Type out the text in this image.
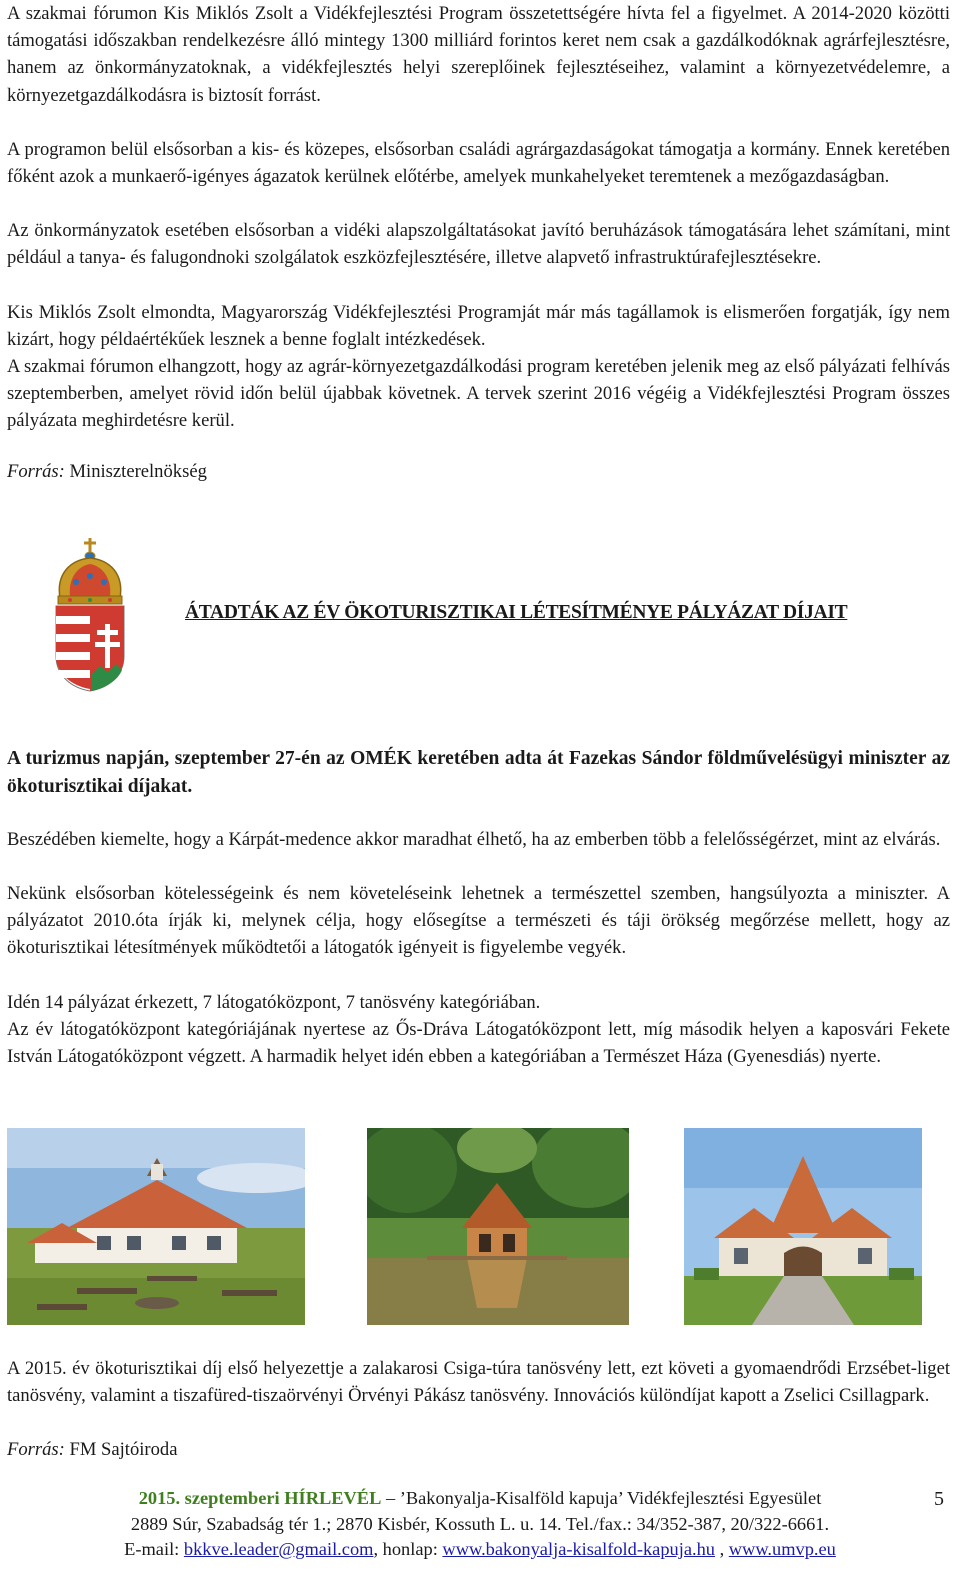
A szakmai fórumon Kis Miklós Zsolt a Vidékfejlesztési Program összetettségére hívta fel a figyelmet. A 2014-2020 közötti támogatási időszakban rendelkezésre álló mintegy 1300 milliárd forintos keret nem csak a gazdálkodóknak agrárfejlesztésre, hanem az önkormányzatoknak, a vidékfejlesztés helyi szereplőinek fejlesztéseihez, valamint a környezetvédelemre, a környezetgazdálkodásra is biztosít forrást.

A programon belül elsősorban a kis- és közepes, elsősorban családi agrárgazdaságokat támogatja a kormány. Ennek keretében főként azok a munkaerő-igényes ágazatok kerülnek előtérbe, amelyek munkahelyeket teremtenek a mezőgazdaságban.

Az önkormányzatok esetében elsősorban a vidéki alapszolgáltatásokat javító beruházások támogatására lehet számítani, mint például a tanya- és falugondnoki szolgálatok eszközfejlesztésére, illetve alapvető infrastruktúrafejlesztésekre.

Kis Miklós Zsolt elmondta, Magyarország Vidékfejlesztési Programját már más tagállamok is elismerően forgatják, így nem kizárt, hogy példaértékűek lesznek a benne foglalt intézkedések.

A szakmai fórumon elhangzott, hogy az agrár-környezetgazdálkodási program keretében jelenik meg az első pályázati felhívás szeptemberben, amelyet rövid időn belül újabbak követnek. A tervek szerint 2016 végéig a Vidékfejlesztési Program összes pályázata meghirdetésre kerül.

Forrás: Miniszterelnökség

ÁTADTÁK AZ ÉV ÖKOTURISZTIKAI LÉTESÍTMÉNYE PÁLYÁZAT DÍJAIT

A turizmus napján, szeptember 27-én az OMÉK keretében adta át Fazekas Sándor földművelésügyi miniszter az ökoturisztikai díjakat.

Beszédében kiemelte, hogy a Kárpát-medence akkor maradhat élhető, ha az emberben több a felelősségérzet, mint az elvárás.

Nekünk elsősorban kötelességeink és nem követeléseink lehetnek a természettel szemben, hangsúlyozta a miniszter. A pályázatot 2010.óta írják ki, melynek célja, hogy elősegítse a természeti és táji örökség megőrzése mellett, hogy az ökoturisztikai létesítmények működtetői a látogatók igényeit is figyelembe vegyék.

Idén 14 pályázat érkezett, 7 látogatóközpont, 7 tanösvény kategóriában.

Az év látogatóközpont kategóriájának nyertese az Ős-Dráva Látogatóközpont lett, míg második helyen a kaposvári Fekete István Látogatóközpont végzett. A harmadik helyet idén ebben a kategóriában a Természet Háza (Gyenesdiás) nyerte.

A 2015. év ökoturisztikai díj első helyezettje a zalakarosi Csiga-túra tanösvény lett, ezt követi a gyomaendrődi Erzsébet-liget tanösvény, valamint a tiszafüred-tiszaörvényi Örvényi Pákász tanösvény. Innovációs különdíjat kapott a Zselici Csillagpark.

Forrás: FM Sajtóiroda

2015. szeptemberi HÍRLEVÉL – ’Bakonyalja-Kisalföld kapuja’ Vidékfejlesztési Egyesület
2889 Súr, Szabadság tér 1.; 2870 Kisbér, Kossuth L. u. 14. Tel./fax.: 34/352-387, 20/322-6661.
E-mail: bkkve.leader@gmail.com, honlap: www.bakonyalja-kisalfold-kapuja.hu , www.umvp.eu
5
